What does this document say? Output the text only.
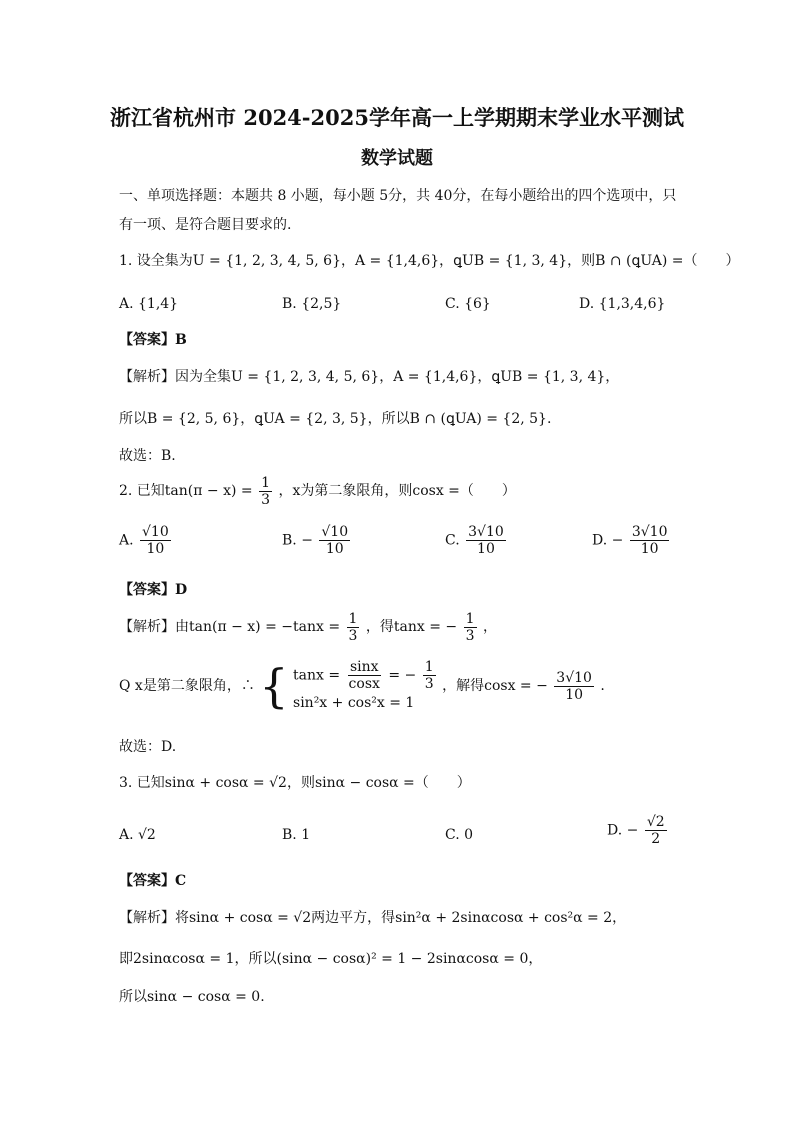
浙江省杭州市 2024-2025学年高一上学期期末学业水平测试
数学试题
一、单项选择题：本题共 8 小题，每小题 5分，共 40分，在每小题给出的四个选项中，只
有一项、是符合题目要求的.
1. 设全集为U = {1, 2, 3, 4, 5, 6}，A = {1,4,6}，ꝗUB = {1, 3, 4}，则B ∩ (ꝗUA) =（　　）
A. {1,4}	B. {2,5}	C. {6}	D. {1,3,4,6}
【答案】B
【解析】因为全集U = {1, 2, 3, 4, 5, 6}，A = {1,4,6}，ꝗUB = {1, 3, 4}，
所以B = {2, 5, 6}，ꝗUA = {2, 3, 5}，所以B ∩ (ꝗUA) = {2, 5}.
故选：B.
2. 已知$\tan(\pi - x) = \frac{1}{3}$ ，x为第二象限角，则cosx =（　　）
A. $\frac{√10}{10}$	B. − $\frac{√10}{10}$	C. $\frac{3√10}{10}$	D. − $\frac{3√10}{10}$
【答案】D
【解析】由$\tan(\pi - x) = -\tan x = \frac{1}{3}$ ，得tanx = − $\frac{1}{3}$ ，
Q x是第二象限角，∴ { $\tan x = \frac{\sin x}{\cos x}$ = − $\frac{1}{3}$
sin²x + cos²x = 1
，解得cosx = − $\frac{3√10}{10}$ .
故选：D.
3. 已知sinα + cosα = √2，则sinα − cosα =（　　）
A. √2	B. 1	C. 0	D. − $\frac{√2}{2}$
【答案】C
【解析】将sinα + cosα = √2两边平方，得sin²α + 2sinαcosα + cos²α = 2，
即2sinαcosα = 1，所以(sinα − cosα)² = 1 − 2sinαcosα = 0，
所以sinα − cosα = 0.
